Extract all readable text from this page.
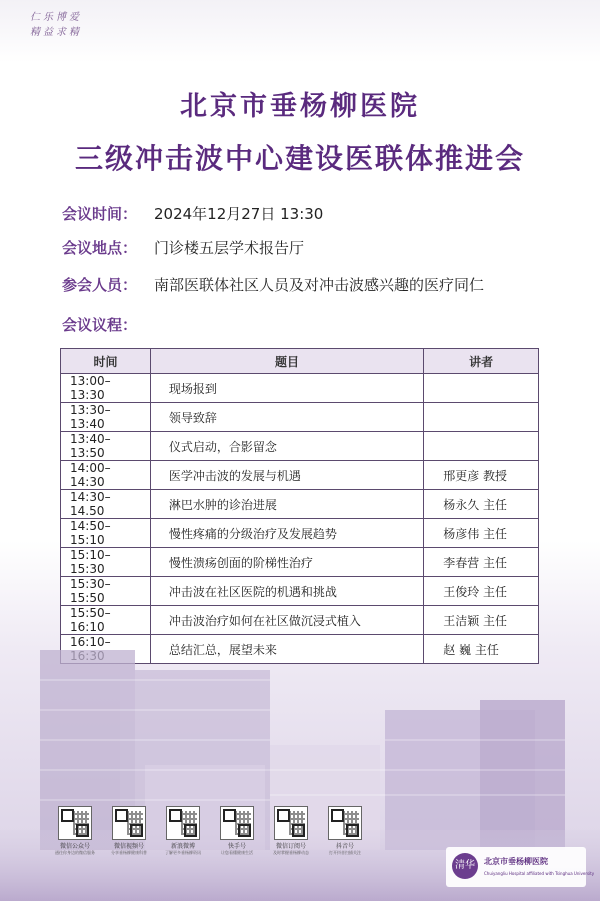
仁乐博爱
精益求精
北京市垂杨柳医院
三级冲击波中心建设医联体推进会
会议时间： 2024年12月27日 13:30
会议地点： 门诊楼五层学术报告厅
参会人员： 南部医联体社区人员及对冲击波感兴趣的医疗同仁
会议议程：
时间	题目	讲者
13:00–13:30	现场报到	
13:30–13:40	领导致辞	
13:40–13:50	仪式启动，合影留念	
14:00–14:30	医学冲击波的发展与机遇	邢更彦 教授
14:30–14.50	淋巴水肿的诊治进展	杨永久 主任
14:50–15:10	慢性疼痛的分级治疗及发展趋势	杨彦伟 主任
15:10–15:30	慢性溃疡创面的阶梯性治疗	李春营 主任
15:30–15:50	冲击波在社区医院的机遇和挑战	王俊玲 主任
15:50–16:10	冲击波治疗如何在社区做沉浸式植入	王洁颖 主任
16:10–	总结汇总，展望未来	赵 巍 主任
微信公众号
通往你身边的微信服务
微信视频号
分享垂杨柳健康科普
新浪微博
了解更多垂杨柳资讯
快手号
让您看懂健康生活
微信订阅号
及时掌握垂杨柳动态
抖音号
打开抖音扫描关注
清华	北京市垂杨柳医院
Chuiyangliu Hospital affiliated with Tsinghua University
